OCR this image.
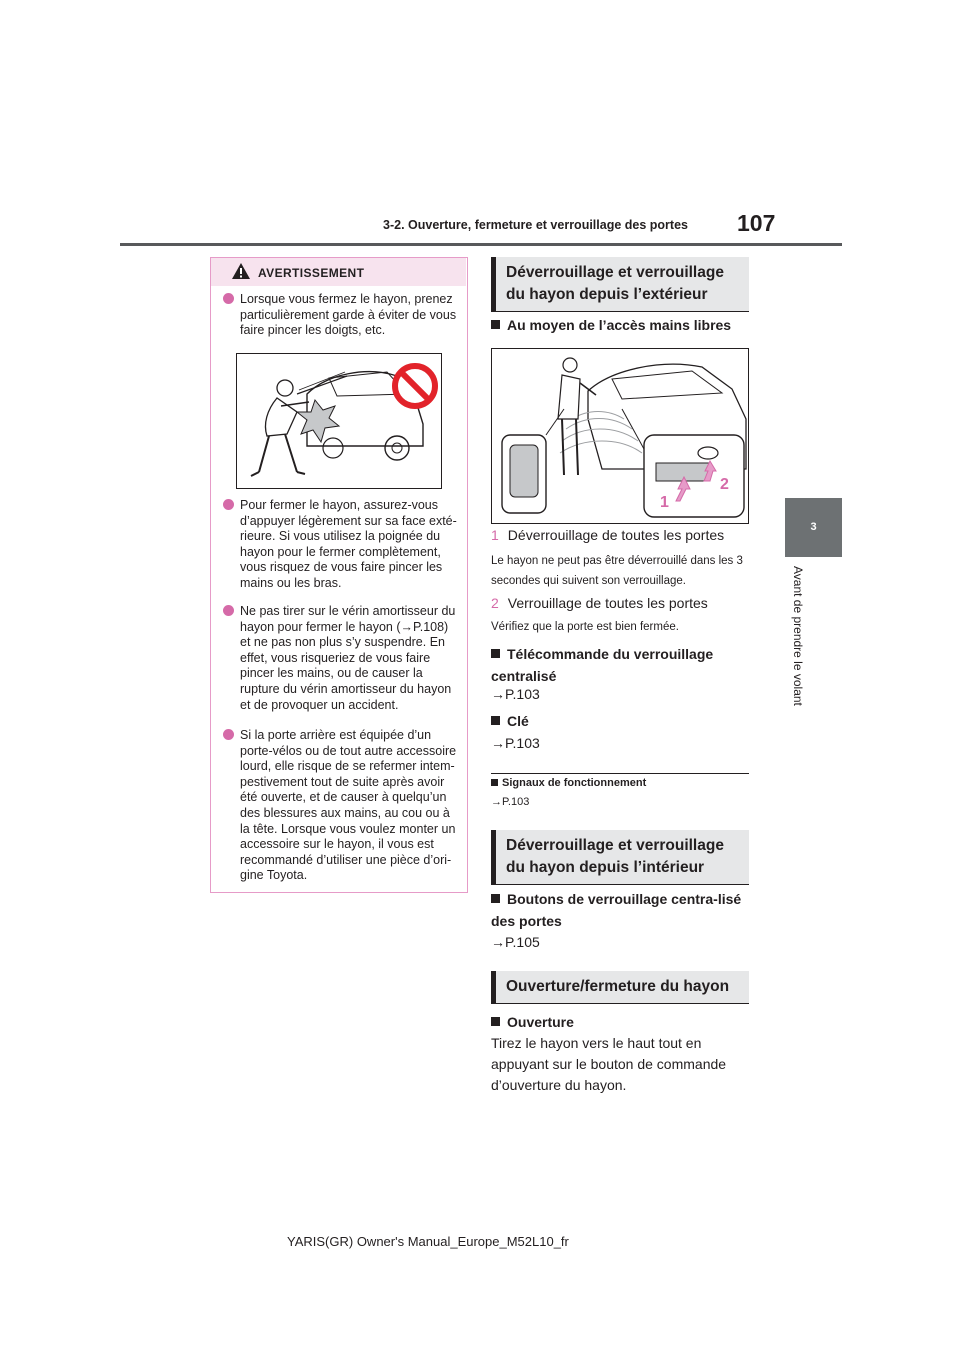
3-2. Ouverture, fermeture et verrouillage des portes 107
3
Avant de prendre le volant
AVERTISSEMENT
Lorsque vous fermez le hayon, prenez particulièrement garde à éviter de vous faire pincer les doigts, etc.
Pour fermer le hayon, assurez-vous d’appuyer légèrement sur sa face exté-rieure. Si vous utilisez la poignée du hayon pour le fermer complètement, vous risquez de vous faire pincer les mains ou les bras.
Ne pas tirer sur le vérin amortisseur du hayon pour fermer le hayon (→P.108) et ne pas non plus s’y suspendre. En effet, vous risqueriez de vous faire pincer les mains, ou de causer la rupture du vérin amortisseur du hayon et de provoquer un accident.
Si la porte arrière est équipée d’un porte-vélos ou de tout autre accessoire lourd, elle risque de se refermer intem-pestivement tout de suite après avoir été ouverte, et de causer à quelqu’un des blessures aux mains, au cou ou à la tête. Lorsque vous voulez monter un accessoire sur le hayon, il vous est recommandé d’utiliser une pièce d’ori-gine Toyota.
Déverrouillage et verrouillage du hayon depuis l’extérieur
Au moyen de l’accès mains libres
1
2
1 Déverrouillage de toutes les portes
Le hayon ne peut pas être déverrouillé dans les 3 secondes qui suivent son verrouillage.
2 Verrouillage de toutes les portes
Vérifiez que la porte est bien fermée.
Télécommande du verrouillage centralisé
→P.103
Clé
→P.103
Signaux de fonctionnement
→P.103
Déverrouillage et verrouillage du hayon depuis l’intérieur
Boutons de verrouillage centra-lisé des portes
→P.105
Ouverture/fermeture du hayon
Ouverture
Tirez le hayon vers le haut tout en appuyant sur le bouton de commande d’ouverture du hayon.
YARIS(GR) Owner's Manual_Europe_M52L10_fr
